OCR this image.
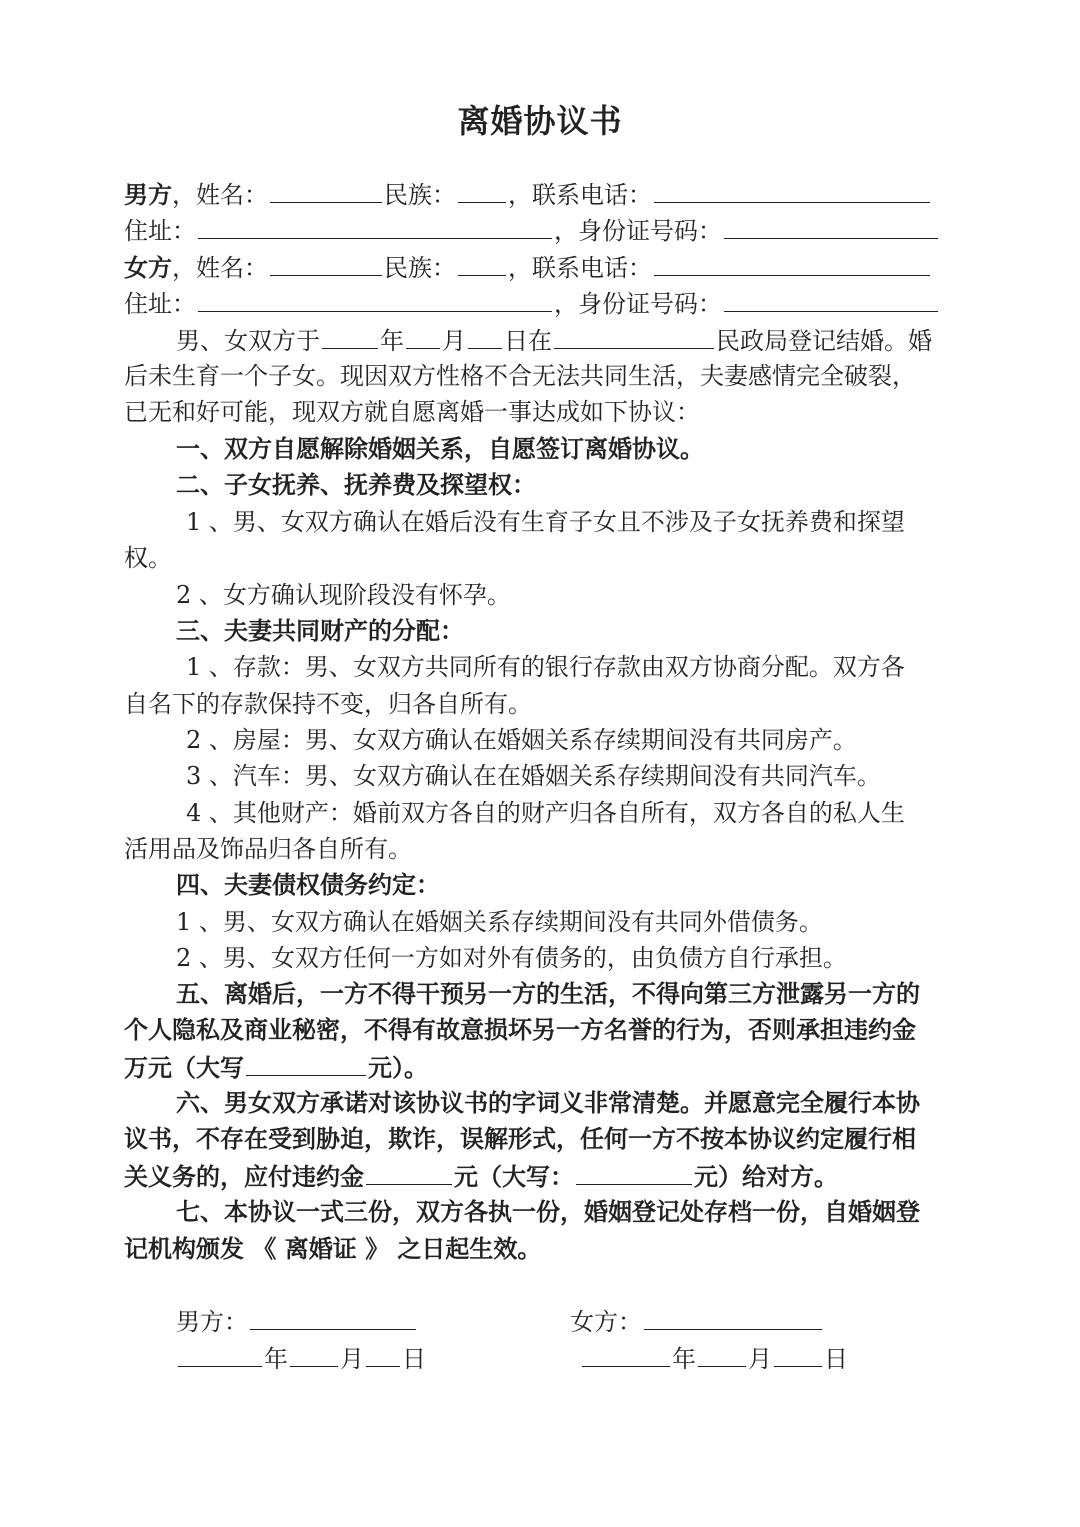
离婚协议书
男方，姓名：	民族： ，联系电话：
住址：	，身份证号码：
女方，姓名：	民族： ，联系电话：
住址：	，身份证号码：
男、女双方于	年 月 日在	民政局登记结婚。婚
后未生育一个子女。现因双方性格不合无法共同生活，夫妻感情完全破裂，
已无和好可能，现双方就自愿离婚一事达成如下协议：
一、双方自愿解除婚姻关系，自愿签订离婚协议。
二、子女抚养、抚养费及探望权：
1 、男、女双方确认在婚后没有生育子女且不涉及子女抚养费和探望
权。
2 、女方确认现阶段没有怀孕。
三、夫妻共同财产的分配：
1 、存款：男、女双方共同所有的银行存款由双方协商分配。双方各
自名下的存款保持不变，归各自所有。
2 、房屋：男、女双方确认在婚姻关系存续期间没有共同房产。
3 、汽车：男、女双方确认在在婚姻关系存续期间没有共同汽车。
4 、其他财产：婚前双方各自的财产归各自所有，双方各自的私人生
活用品及饰品归各自所有。
四、夫妻债权债务约定：
1 、男、女双方确认在婚姻关系存续期间没有共同外借债务。
2 、男、女双方任何一方如对外有债务的，由负债方自行承担。
五、离婚后，一方不得干预另一方的生活，不得向第三方泄露另一方的
个人隐私及商业秘密，不得有故意损坏另一方名誉的行为，否则承担违约金
万元（大写	元）。
六、男女双方承诺对该协议书的字词义非常清楚。并愿意完全履行本协
议书，不存在受到胁迫，欺诈，误解形式，任何一方不按本协议约定履行相
关义务的，应付违约金	元（大写：	元）给对方。
七、本协议一式三份，双方各执一份，婚姻登记处存档一份，自婚姻登
记机构颁发 《 离婚证 》 之日起生效。
男方：	女方：
年 月 日	年 月 日
